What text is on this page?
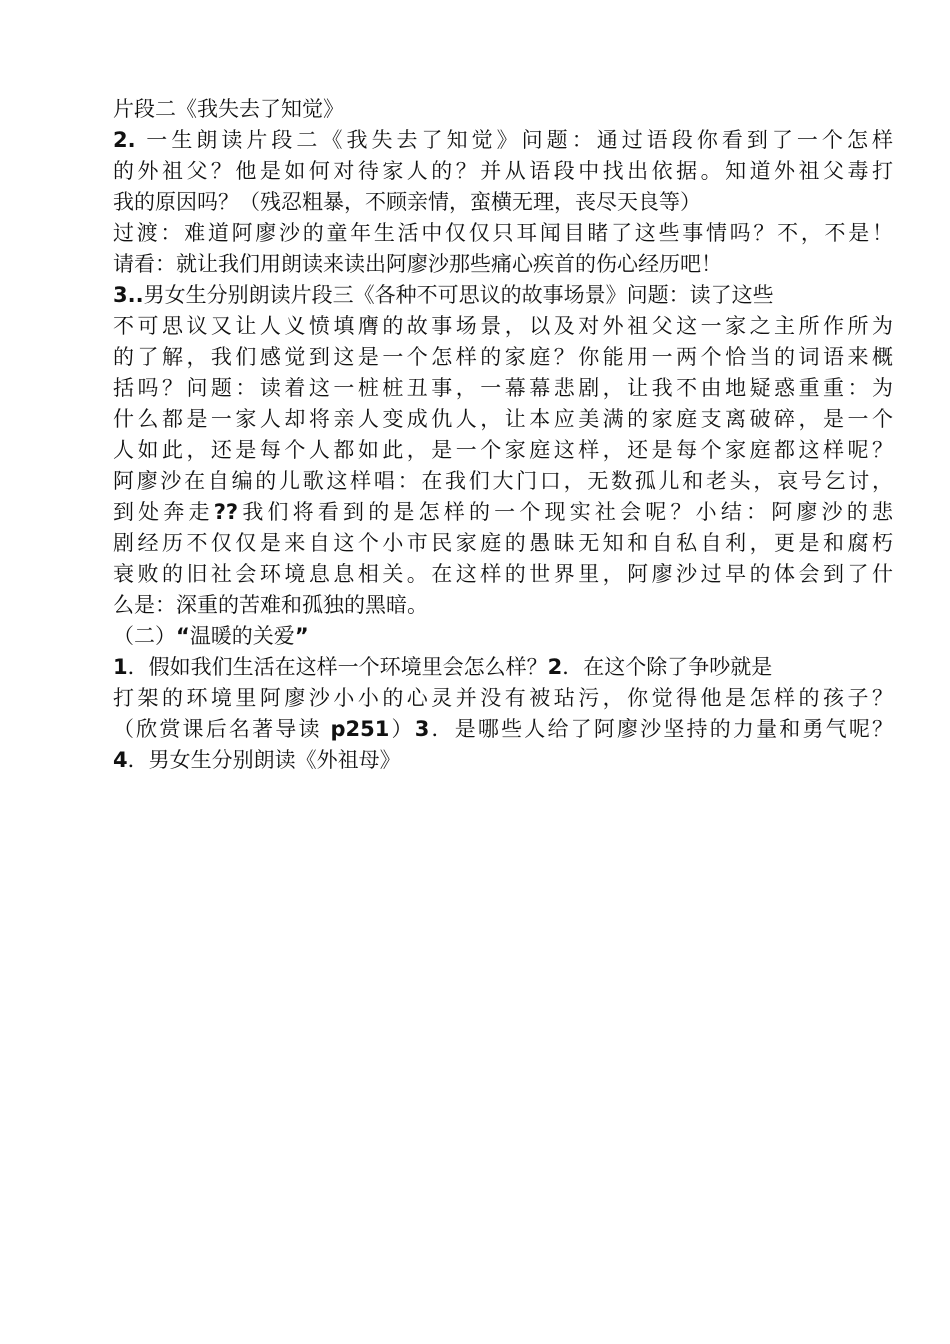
片段二《我失去了知觉》
2. 一生朗读片段二《我失去了知觉》问题：通过语段你看到了一个怎样
的外祖父？他是如何对待家人的？并从语段中找出依据。知道外祖父毒打
我的原因吗？（残忍粗暴，不顾亲情，蛮横无理，丧尽天良等）
过渡：难道阿廖沙的童年生活中仅仅只耳闻目睹了这些事情吗？不，不是！
请看：就让我们用朗读来读出阿廖沙那些痛心疾首的伤心经历吧！
3..男女生分别朗读片段三《各种不可思议的故事场景》问题：读了这些
不可思议又让人义愤填膺的故事场景，以及对外祖父这一家之主所作所为
的了解，我们感觉到这是一个怎样的家庭？你能用一两个恰当的词语来概
括吗？问题：读着这一桩桩丑事，一幕幕悲剧，让我不由地疑惑重重：为
什么都是一家人却将亲人变成仇人，让本应美满的家庭支离破碎，是一个
人如此，还是每个人都如此，是一个家庭这样，还是每个家庭都这样呢？
阿廖沙在自编的儿歌这样唱：在我们大门口，无数孤儿和老头，哀号乞讨，
到处奔走??我们将看到的是怎样的一个现实社会呢？小结：阿廖沙的悲
剧经历不仅仅是来自这个小市民家庭的愚昧无知和自私自利，更是和腐朽
衰败的旧社会环境息息相关。在这样的世界里，阿廖沙过早的体会到了什
么是：深重的苦难和孤独的黑暗。
（二）“温暖的关爱”
1．假如我们生活在这样一个环境里会怎么样？2．在这个除了争吵就是
打架的环境里阿廖沙小小的心灵并没有被玷污，你觉得他是怎样的孩子？
（欣赏课后名著导读 p251）3．是哪些人给了阿廖沙坚持的力量和勇气呢？
4．男女生分别朗读《外祖母》
